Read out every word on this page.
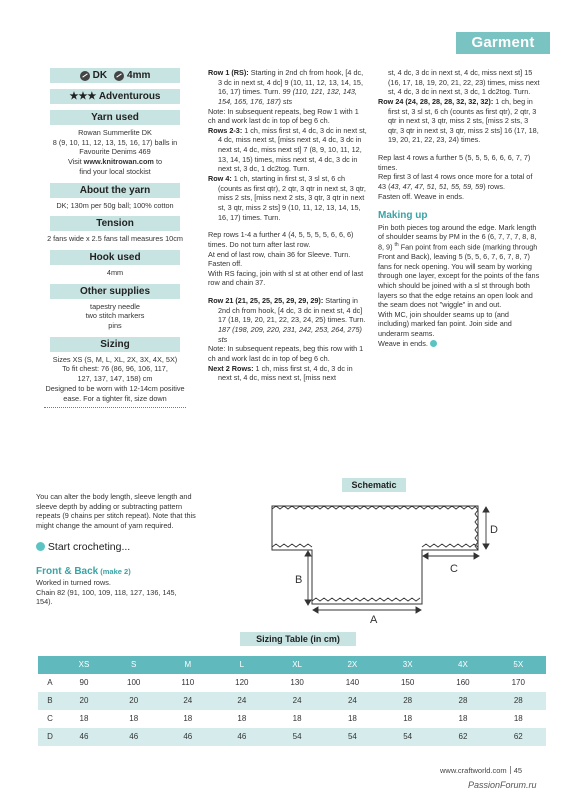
Garment
DK 4mm
★★★ Adventurous
Yarn used
Rowan Summerlite DK
8 (9, 10, 11, 12, 13, 15, 16, 17) balls in
Favourite Denims 469
Visit www.knitrowan.com to
find your local stockist
About the yarn
DK; 130m per 50g ball; 100% cotton
Tension
2 fans wide x 2.5 fans tall measures 10cm
Hook used
4mm
Other supplies
tapestry needle
two stitch markers
pins
Sizing
Sizes XS (S, M, L, XL, 2X, 3X, 4X, 5X)
To fit chest: 76 (86, 96, 106, 117,
127, 137, 147, 158) cm
Designed to be worn with 12-14cm positive
ease. For a tighter fit, size down
Row 1 (RS): Starting in 2nd ch from hook, [4 dc, 3 dc in next st, 4 dc] 9 (10, 11, 12, 13, 14, 15, 16, 17) times. Turn. 99 (110, 121, 132, 143, 154, 165, 176, 187) sts
Note: In subsequent repeats, beg Row 1 with 1 ch and work last dc in top of beg 6 ch.
Rows 2-3: 1 ch, miss first st, 4 dc, 3 dc in next st, 4 dc, miss next st, [miss next st, 4 dc, 3 dc in next st, 4 dc, miss next st] 7 (8, 9, 10, 11, 12, 13, 14, 15) times, miss next st, 4 dc, 3 dc in next st, 3 dc, 1 dc2tog. Turn.
Row 4: 1 ch, starting in first st, 3 sl st, 6 ch (counts as first qtr), 2 qtr, 3 qtr in next st, 3 qtr, miss 2 sts, [miss next 2 sts, 3 qtr, 3 qtr in next st, 3 qtr, miss 2 sts] 9 (10, 11, 12, 13, 14, 15, 16, 17) times. Turn.
Rep rows 1-4 a further 4 (4, 5, 5, 5, 5, 6, 6, 6) times. Do not turn after last row.
At end of last row, chain 36 for Sleeve. Turn. Fasten off.
With RS facing, join with sl st at other end of last row and chain 37.
Row 21 (21, 25, 25, 25, 29, 29, 29): Starting in 2nd ch from hook, [4 dc, 3 dc in next st, 4 dc] 17 (18, 19, 20, 21, 22, 23, 24, 25) times. Turn. 187 (198, 209, 220, 231, 242, 253, 264, 275) sts
Note: In subsequent repeats, beg this row with 1 ch and work last dc in top of beg 6 ch.
Next 2 Rows: 1 ch, miss first st, 4 dc, 3 dc in next st, 4 dc, miss next st, [miss next
st, 4 dc, 3 dc in next st, 4 dc, miss next st] 15 (16, 17, 18, 19, 20, 21, 22, 23) times, miss next st, 4 dc, 3 dc in next st, 3 dc, 1 dc2tog. Turn.
Row 24 (24, 28, 28, 28, 32, 32, 32): 1 ch, beg in first st, 3 sl st, 6 ch (counts as first qtr), 2 qtr, 3 qtr in next st, 3 qtr, miss 2 sts, [miss 2 sts, 3 qtr, 3 qtr in next st, 3 qtr, miss 2 sts] 16 (17, 18, 19, 20, 21, 22, 23, 24) times.
Rep last 4 rows a further 5 (5, 5, 5, 6, 6, 6, 7, 7) times.
Rep first 3 of last 4 rows once more for a total of 43 (43, 47, 47, 51, 51, 55, 59, 59) rows.
Fasten off. Weave in ends.
Making up
Pin both pieces tog around the edge. Mark length of shoulder seams by PM in the 6 (6, 7, 7, 7, 8, 8, 8, 9) $^{th}$ Fan point from each side (marking through Front and Back), leaving 5 (5, 5, 6, 7, 6, 7, 8, 7) fans for neck opening. You will seam by working through one layer, except for the points of the fans which should be joined with a sl st through both layers so that the edge retains an open look and the seam does not "wiggle" in and out.
With MC, join shoulder seams up to (and including) marked fan point. Join side and underarm seams.
Weave in ends.
You can alter the body length, sleeve length and sleeve depth by adding or subtracting pattern repeats (9 chains per stitch repeat). Note that this might change the amount of yarn required.
Start crocheting...
Front & Back (make 2)
Worked in turned rows.
Chain 82 (91, 100, 109, 118, 127, 136, 145, 154).
Schematic
D
C
B
A
Sizing Table (in cm)
	XS	S	M	L	XL	2X	3X	4X	5X
A	90	100	110	120	130	140	150	160	170
B	20	20	24	24	24	24	28	28	28
C	18	18	18	18	18	18	18	18	18
D	46	46	46	46	54	54	54	62	62
www.craftworld.com 45
PassionForum.ru
